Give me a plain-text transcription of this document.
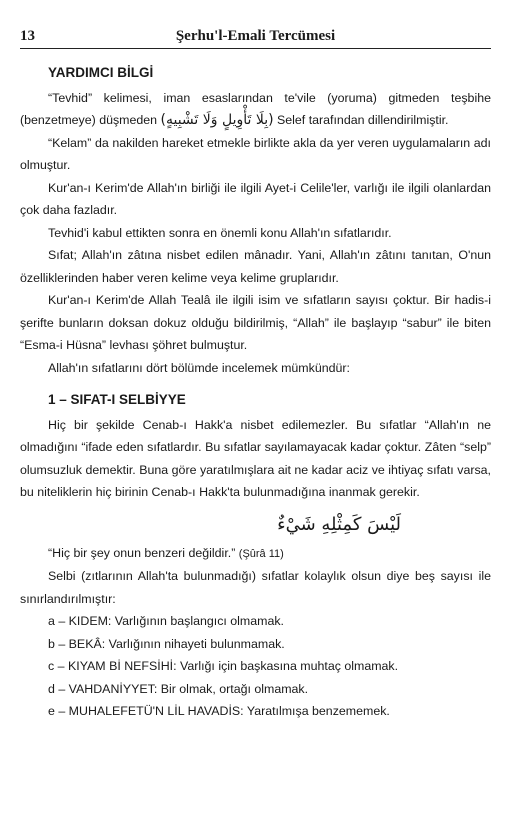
13	Şerhu'l-Emali Tercümesi
YARDIMCI BİLGİ

“Tevhid” kelimesi, iman esaslarından te'vile (yoruma) gitmeden teşbihe (benzetmeye) düşmeden (بِلَا تَأْوِيلٍ وَلَا تَشْبِيهٍ) Selef tarafından dillendirilmiştir.

“Kelam” da nakilden hareket etmekle birlikte akla da yer veren uygulamaların adı olmuştur.

Kur'an-ı Kerim'de Allah'ın birliği ile ilgili Ayet-i Celile'ler, varlığı ile ilgili olanlardan çok daha fazladır.

Tevhid'i kabul ettikten sonra en önemli konu Allah'ın sıfatlarıdır.

Sıfat; Allah'ın zâtına nisbet edilen mânadır. Yani, Allah'ın zâtını tanıtan, O'nun özelliklerinden haber veren kelime veya kelime gruplarıdır.

Kur'an-ı Kerim'de Allah Tealâ ile ilgili isim ve sıfatların sayısı çoktur. Bir hadis-i şerifte bunların doksan dokuz olduğu bildirilmiş, “Allah” ile başlayıp “sabur” ile biten “Esma-i Hüsna” levhası şöhret bulmuştur.

Allah'ın sıfatlarını dört bölümde incelemek mümkündür:

1 – SIFAT-I SELBİYYE

Hiç bir şekilde Cenab-ı Hakk'a nisbet edilemezler. Bu sıfatlar “Allah'ın ne olmadığını “ifade eden sıfatlardır. Bu sıfatlar sayılamayacak kadar çoktur. Zâten “selp” olumsuzluk demektir. Buna göre yaratılmışlara ait ne kadar aciz ve ihtiyaç sıfatı varsa, bu niteliklerin hiç birinin Cenab-ı Hakk'ta bulunmadığına inanmak gerekir.

لَيْسَ كَمِثْلِهِ شَيْءٌ

“Hiç bir şey onun benzeri değildir.” (Şûrâ 11)

Selbi (zıtlarının Allah'ta bulunmadığı) sıfatlar kolaylık olsun diye beş sayısı ile sınırlandırılmıştır:

a – KIDEM: Varlığının başlangıcı olmamak.

b – BEKÂ: Varlığının nihayeti bulunmamak.

c – KIYAM Bİ NEFSİHİ: Varlığı için başkasına muhtaç olmamak.

d – VAHDANİYYET: Bir olmak, ortağı olmamak.

e – MUHALEFETÜ'N LİL HAVADİS: Yaratılmışa benzememek.
